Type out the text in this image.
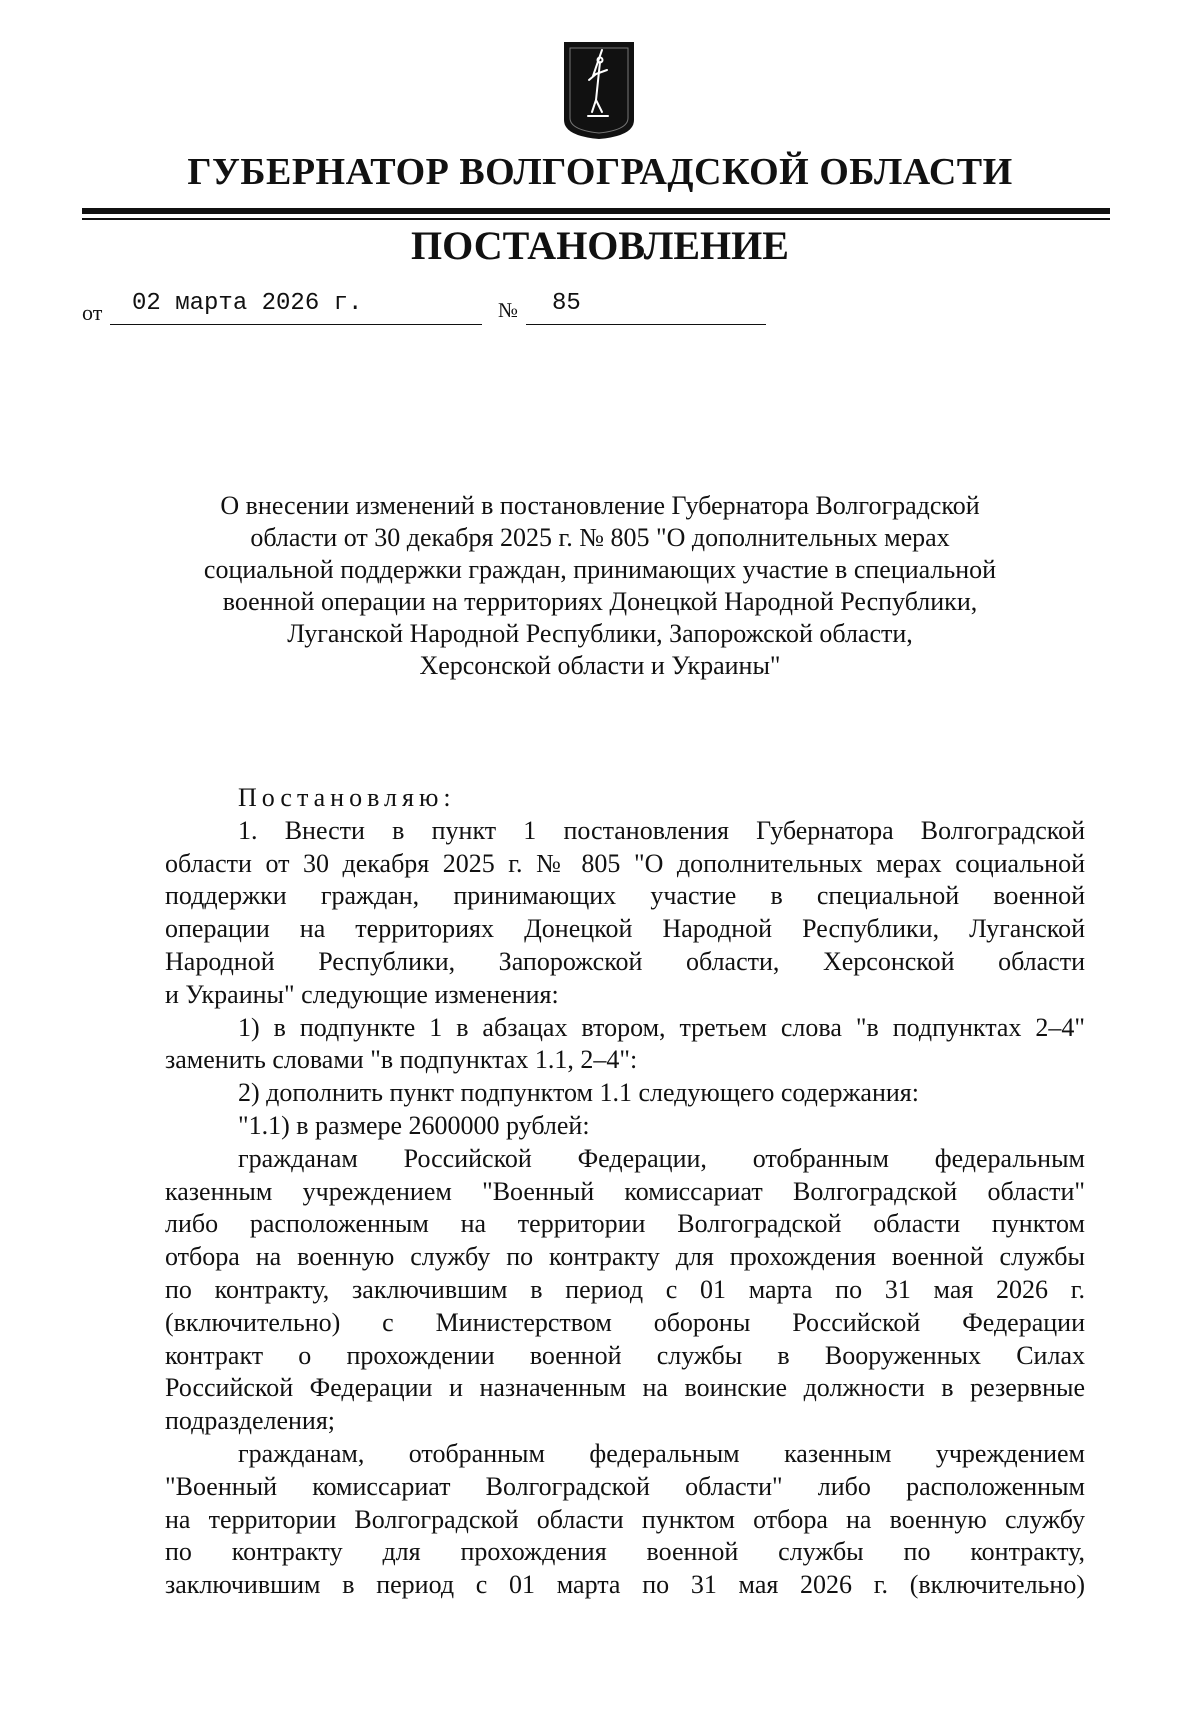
ГУБЕРНАТОР ВОЛГОГРАДСКОЙ ОБЛАСТИ
ПОСТАНОВЛЕНИЕ
от 02 марта 2026 г.	№ 85
О внесении изменений в постановление Губернатора Волгоградской
области от 30 декабря 2025 г. № 805 "О дополнительных мерах
социальной поддержки граждан, принимающих участие в специальной
военной операции на территориях Донецкой Народной Республики,
Луганской Народной Республики, Запорожской области,
Херсонской области и Украины"
Постановляю:
1. Внести в пункт 1 постановления Губернатора Волгоградской
области от 30 декабря 2025 г. № 805 "О дополнительных мерах социальной
поддержки граждан, принимающих участие в специальной военной
операции на территориях Донецкой Народной Республики, Луганской
Народной Республики, Запорожской области, Херсонской области
и Украины" следующие изменения:
1) в подпункте 1 в абзацах втором, третьем слова "в подпунктах 2–4"
заменить словами "в подпунктах 1.1, 2–4":
2) дополнить пункт подпунктом 1.1 следующего содержания:
"1.1) в размере 2600000 рублей:
гражданам Российской Федерации, отобранным федеральным
казенным учреждением "Военный комиссариат Волгоградской области"
либо расположенным на территории Волгоградской области пунктом
отбора на военную службу по контракту для прохождения военной службы
по контракту, заключившим в период с 01 марта по 31 мая 2026 г.
(включительно) с Министерством обороны Российской Федерации
контракт о прохождении военной службы в Вооруженных Силах
Российской Федерации и назначенным на воинские должности в резервные
подразделения;
гражданам, отобранным федеральным казенным учреждением
"Военный комиссариат Волгоградской области" либо расположенным
на территории Волгоградской области пунктом отбора на военную службу
по контракту для прохождения военной службы по контракту,
заключившим в период с 01 марта по 31 мая 2026 г. (включительно)
